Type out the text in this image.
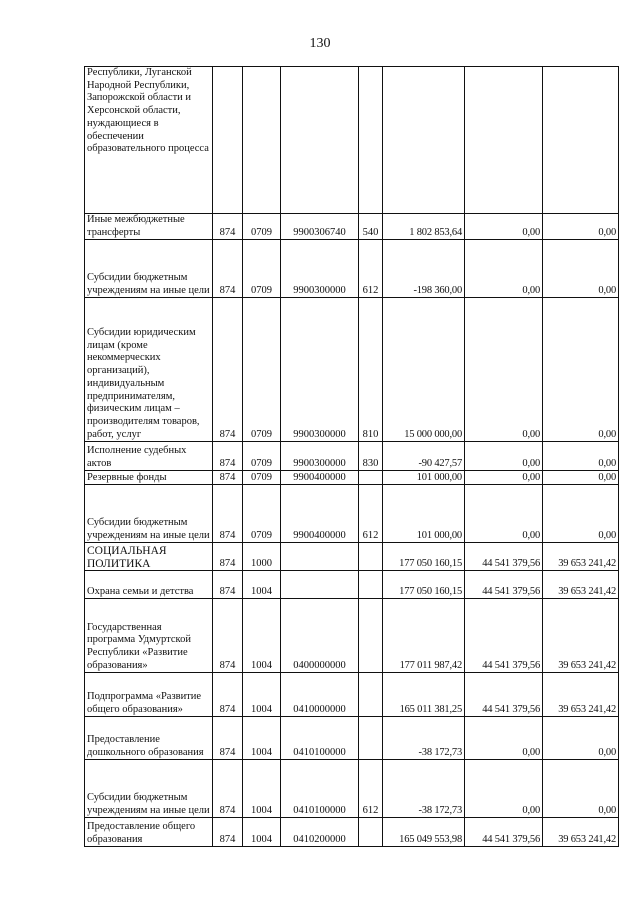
130
Республики, Луганской Народной Республики, Запорожской области и Херсонской области, нуждающиеся в обеспечении образовательного процесса							
Иные межбюджетные трансферты	874	0709	9900306740	540	1 802 853,64	0,00	0,00
Субсидии бюджетным учреждениям на иные цели	874	0709	9900300000	612	-198 360,00	0,00	0,00
Субсидии юридическим лицам (кроме некоммерческих организаций), индивидуальным предпринимателям, физическим лицам – производителям товаров, работ, услуг	874	0709	9900300000	810	15 000 000,00	0,00	0,00
Исполнение судебных актов	874	0709	9900300000	830	-90 427,57	0,00	0,00
Резервные фонды	874	0709	9900400000		101 000,00	0,00	0,00
Субсидии бюджетным учреждениям на иные цели	874	0709	9900400000	612	101 000,00	0,00	0,00
СОЦИАЛЬНАЯ ПОЛИТИКА	874	1000			177 050 160,15	44 541 379,56	39 653 241,42
Охрана семьи и детства	874	1004			177 050 160,15	44 541 379,56	39 653 241,42
Государственная программа Удмуртской Республики «Развитие образования»	874	1004	0400000000		177 011 987,42	44 541 379,56	39 653 241,42
Подпрограмма «Развитие общего образования»	874	1004	0410000000		165 011 381,25	44 541 379,56	39 653 241,42
Предоставление дошкольного образования	874	1004	0410100000		-38 172,73	0,00	0,00
Субсидии бюджетным учреждениям на иные цели	874	1004	0410100000	612	-38 172,73	0,00	0,00
Предоставление общего образования	874	1004	0410200000		165 049 553,98	44 541 379,56	39 653 241,42
